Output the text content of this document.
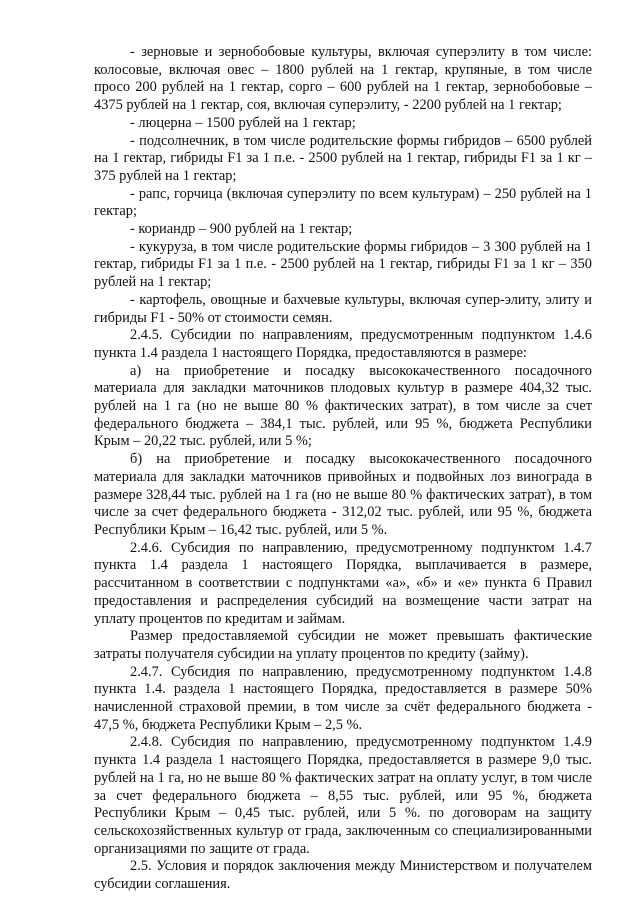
- зерновые и зернобобовые культуры, включая суперэлиту в том числе: колосовые, включая овес – 1800 рублей на 1 гектар, крупяные, в том числе просо 200 рублей на 1 гектар, сорго – 600 рублей на 1 гектар, зернобобовые – 4375 рублей на 1 гектар, соя, включая суперэлиту, - 2200 рублей на 1 гектар;

- люцерна – 1500 рублей на 1 гектар;

- подсолнечник, в том числе родительские формы гибридов – 6500 рублей на 1 гектар, гибриды F1 за 1 п.е. - 2500 рублей на 1 гектар, гибриды F1 за 1 кг – 375 рублей на 1 гектар;

- рапс, горчица (включая суперэлиту по всем культурам) – 250 рублей на 1 гектар;

- кориандр – 900 рублей на 1 гектар;

- кукуруза, в том числе родительские формы гибридов – 3 300 рублей на 1 гектар, гибриды F1 за 1 п.е. - 2500 рублей на 1 гектар, гибриды F1 за 1 кг – 350 рублей на 1 гектар;

- картофель, овощные и бахчевые культуры, включая супер-элиту, элиту и гибриды F1 - 50% от стоимости семян.

2.4.5. Субсидии по направлениям, предусмотренным подпунктом 1.4.6 пункта 1.4 раздела 1 настоящего Порядка, предоставляются в размере:

а) на приобретение и посадку высококачественного посадочного материала для закладки маточников плодовых культур в размере 404,32 тыс. рублей на 1 га (но не выше 80 % фактических затрат), в том числе за счет федерального бюджета – 384,1 тыс. рублей, или 95 %, бюджета Республики Крым – 20,22 тыс. рублей, или 5 %;

б) на приобретение и посадку высококачественного посадочного материала для закладки маточников привойных и подвойных лоз винограда в размере 328,44 тыс. рублей на 1 га (но не выше 80 % фактических затрат), в том числе за счет федерального бюджета - 312,02 тыс. рублей, или 95 %, бюджета Республики Крым – 16,42 тыс. рублей, или 5 %.

2.4.6. Субсидия по направлению, предусмотренному подпунктом 1.4.7 пункта 1.4 раздела 1 настоящего Порядка, выплачивается в размере, рассчитанном в соответствии с подпунктами «а», «б» и «е» пункта 6 Правил предоставления и распределения субсидий на возмещение части затрат на уплату процентов по кредитам и займам.

Размер предоставляемой субсидии не может превышать фактические затраты получателя субсидии на уплату процентов по кредиту (займу).

2.4.7. Субсидия по направлению, предусмотренному подпунктом 1.4.8 пункта 1.4. раздела 1 настоящего Порядка, предоставляется в размере 50% начисленной страховой премии, в том числе за счёт федерального бюджета - 47,5 %, бюджета Республики Крым – 2,5 %.

2.4.8. Субсидия по направлению, предусмотренному подпунктом 1.4.9 пункта 1.4 раздела 1 настоящего Порядка, предоставляется в размере 9,0 тыс. рублей на 1 га, но не выше 80 % фактических затрат на оплату услуг, в том числе за счет федерального бюджета – 8,55 тыс. рублей, или 95 %, бюджета Республики Крым – 0,45 тыс. рублей, или 5 %. по договорам на защиту сельскохозяйственных культур от града, заключенным со специализированными организациями по защите от града.

2.5. Условия и порядок заключения между Министерством и получателем субсидии соглашения.
